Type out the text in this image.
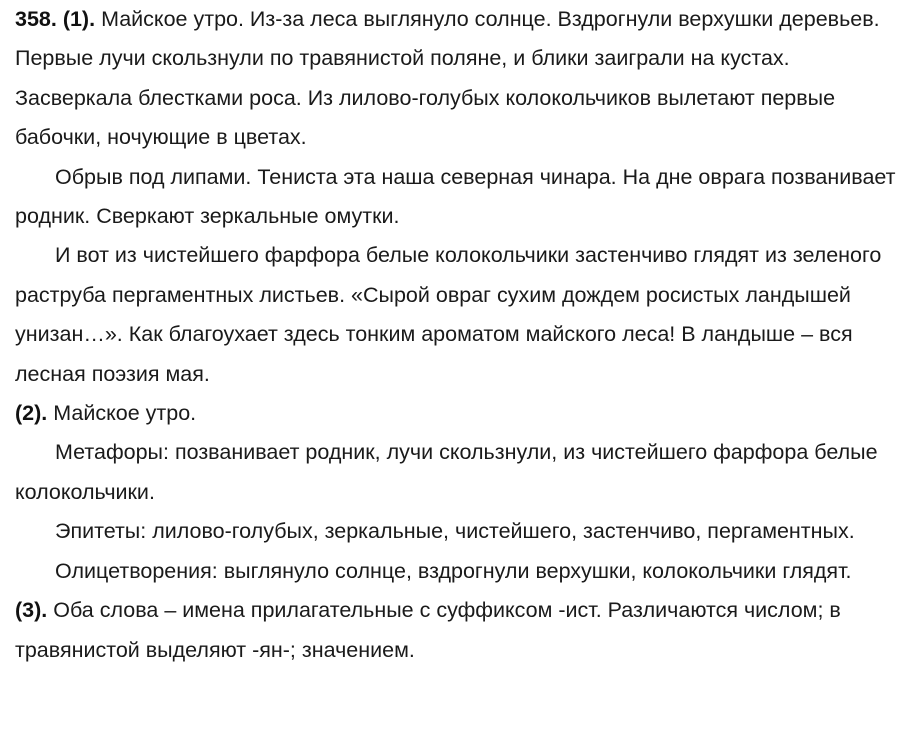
358. (1). Майское утро. Из-за леса выглянуло солнце. Вздрогнули верхушки деревьев. Первые лучи скользнули по травянистой поляне, и блики заиграли на кустах. Засверкала блестками роса. Из лилово-голубых колокольчиков вылетают первые бабочки, ночующие в цветах.

Обрыв под липами. Тениста эта наша северная чинара. На дне оврага позванивает родник. Сверкают зеркальные омутки.

И вот из чистейшего фарфора белые колокольчики застенчиво глядят из зеленого раструба пергаментных листьев. «Сырой овраг сухим дождем росистых ландышей унизан…». Как благоухает здесь тонким ароматом майского леса! В ландыше – вся лесная поэзия мая.

(2). Майское утро.

Метафоры: позванивает родник, лучи скользнули, из чистейшего фарфора белые колокольчики.

Эпитеты: лилово-голубых, зеркальные, чистейшего, застенчиво, пергаментных.

Олицетворения: выглянуло солнце, вздрогнули верхушки, колокольчики глядят.

(3). Оба слова – имена прилагательные с суффиксом -ист. Различаются числом; в травянистой выделяют -ян-; значением.
